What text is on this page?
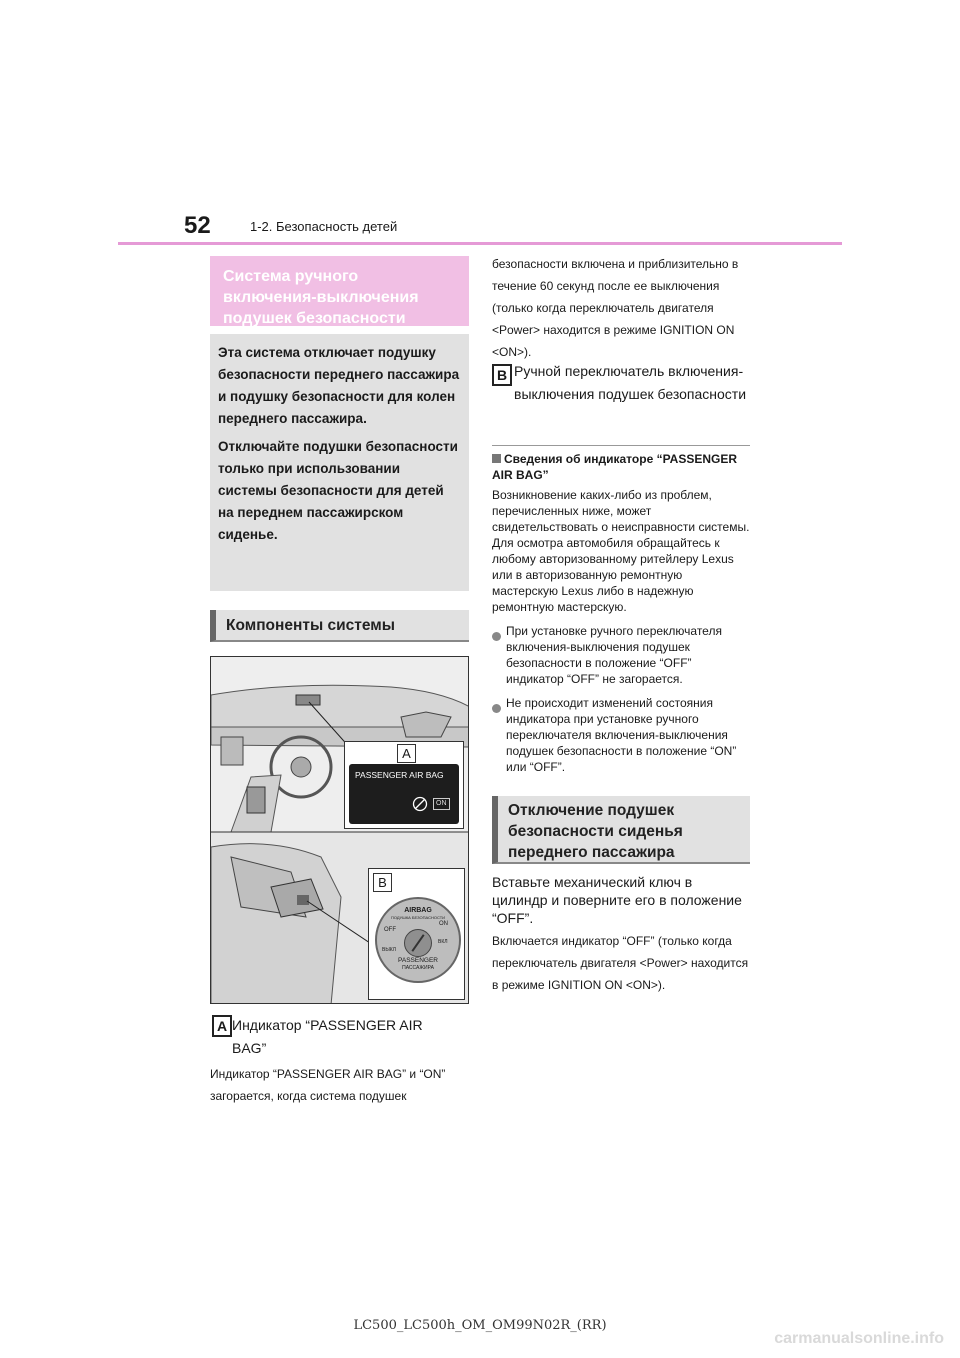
52	1-2. Безопасность детей
Система ручного включения-выключения подушек безопасности
Эта система отключает подушку безопасности переднего пассажира и подушку безопасности для колен переднего пассажира.
Отключайте подушки безопасности только при использовании системы безопасности для детей на переднем пассажирском сиденье.
Компоненты системы
A
PASSENGER AIR BAG
ON
B
AIRBAG
ПОДУШКА БЕЗОПАСНОСТИ
OFF
ON
ВЫКЛ
ВКЛ
PASSENGER
ПАССАЖИРА
A Индикатор “PASSENGER AIR BAG”
Индикатор “PASSENGER AIR BAG” и “ON” загорается, когда система подушек
безопасности включена и приблизительно в течение 60 секунд после ее выключения (только когда переключатель двигателя <Power> находится в режиме IGNITION ON <ON>).
B Ручной переключатель включения-выключения подушек безопасности
Сведения об индикаторе “PASSENGER AIR BAG”
Возникновение каких-либо из проблем, перечисленных ниже, может свидетельствовать о неисправности системы. Для осмотра автомобиля обращайтесь к любому авторизованному ритейлеру Lexus или в авторизованную ремонтную мастерскую Lexus либо в надежную ремонтную мастерскую.
При установке ручного переключателя включения-выключения подушек безопасности в положение “OFF” индикатор “OFF” не загорается.
Не происходит изменений состояния индикатора при установке ручного переключателя включения-выключения подушек безопасности в положение “ON” или “OFF”.
Отключение подушек безопасности сиденья переднего пассажира
Вставьте механический ключ в цилиндр и поверните его в положение “OFF”.
Включается индикатор “OFF” (только когда переключатель двигателя <Power> находится в режиме IGNITION ON <ON>).
LC500_LC500h_OM_OM99N02R_(RR)
carmanualsonline.info
